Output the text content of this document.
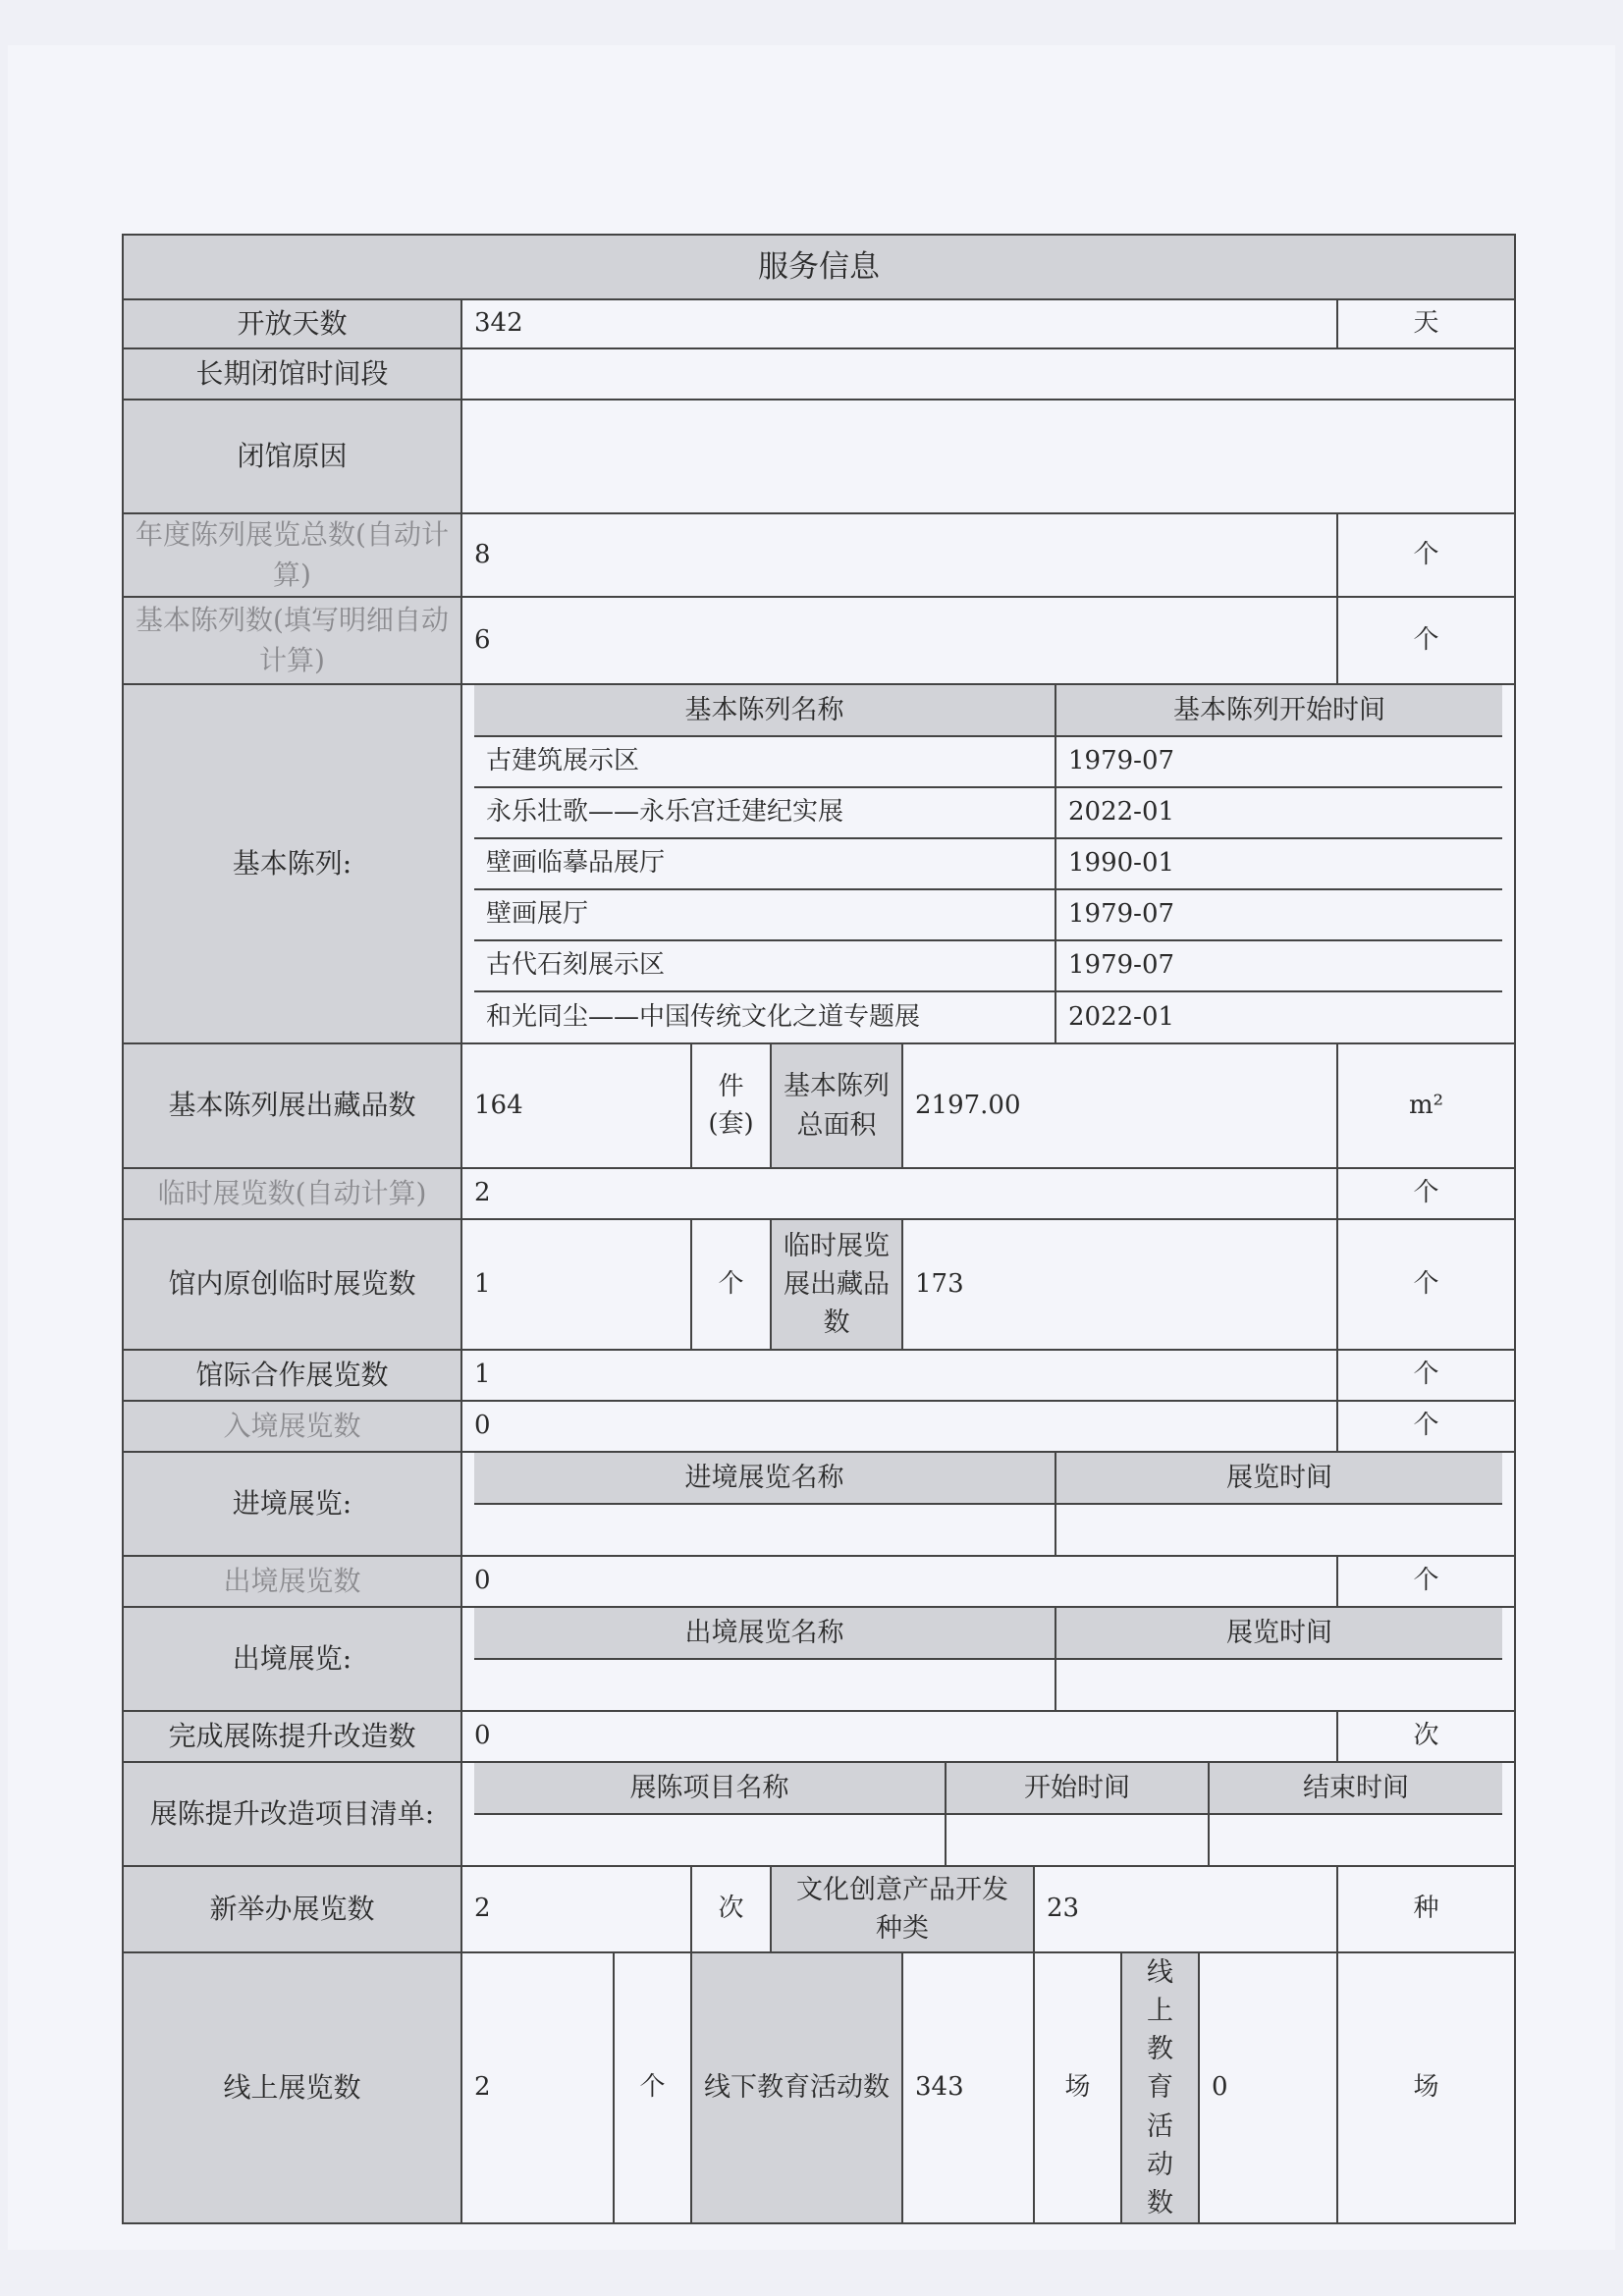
服务信息
开放天数	342	天
长期闭馆时间段	
闭馆原因	
年度陈列展览总数(自动计算)	8	个
基本陈列数(填写明细自动计算)	6	个
基本陈列:	
基本陈列名称	基本陈列开始时间
古建筑展示区	1979-07
永乐壮歌——永乐宫迁建纪实展	2022-01
壁画临摹品展厅	1990-01
壁画展厅	1979-07
古代石刻展示区	1979-07
和光同尘——中国传统文化之道专题展	2022-01

基本陈列展出藏品数	164	件(套)	基本陈列总面积	2197.00	m²
临时展览数(自动计算)	2	个
馆内原创临时展览数	1	个	临时展览展出藏品数	173	个
馆际合作展览数	1	个
入境展览数	0	个
进境展览:	
进境展览名称	展览时间

出境展览数	0	个
出境展览:	
出境展览名称	展览时间

完成展陈提升改造数	0	次
展陈提升改造项目清单:	
展陈项目名称	开始时间	结束时间

新举办展览数	2	次	文化创意产品开发种类	23	种
线上展览数	2	个	线下教育活动数	343	场	线上教育活动数	0	场
